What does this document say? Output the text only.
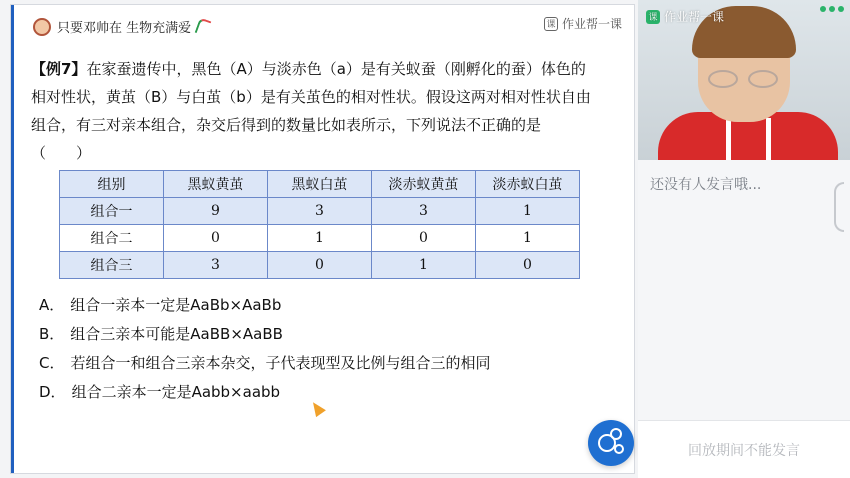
只要邓帅在 生物充满爱	课 作业帮一课
【例7】在家蚕遗传中，黑色（A）与淡赤色（a）是有关蚁蚕（刚孵化的蚕）体色的相对性状，黄茧（B）与白茧（b）是有关茧色的相对性状。假设这两对相对性状自由组合，有三对亲本组合，杂交后得到的数量比如表所示，下列说法不正确的是（　　）
组别	黑蚁黄茧	黑蚁白茧	淡赤蚁黄茧	淡赤蚁白茧
组合一	9	3	3	1
组合二	0	1	0	1
组合三	3	0	1	0
A． 组合一亲本一定是AaBb×AaBb
B． 组合三亲本可能是AaBB×AaBB
C． 若组合一和组合三亲本杂交，子代表现型及比例与组合三的相同
D． 组合二亲本一定是Aabb×aabb
课 作业帮一课
还没有人发言哦...
回放期间不能发言
